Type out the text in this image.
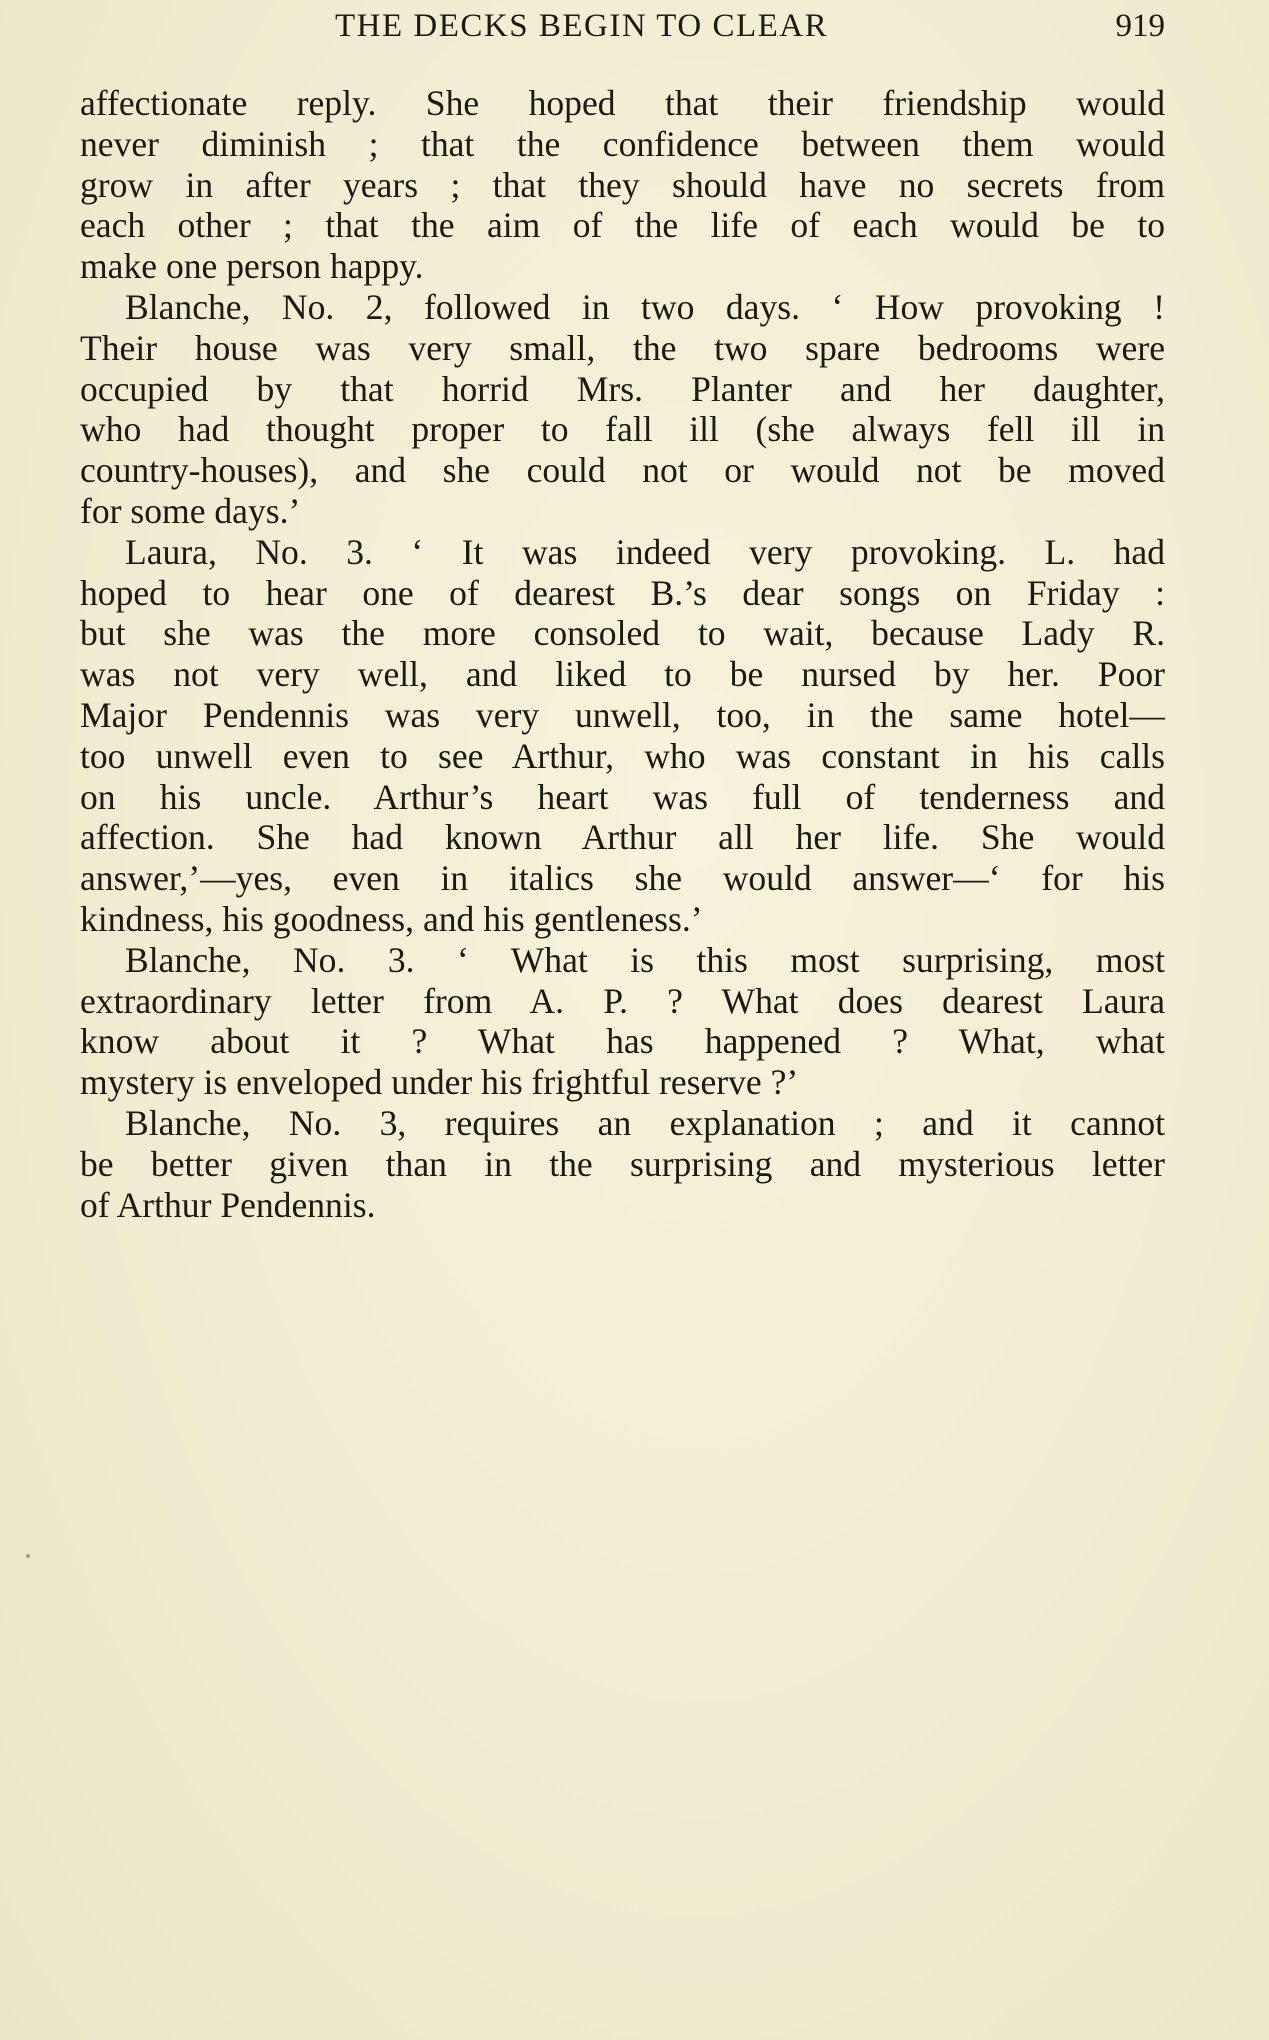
THE DECKS BEGIN TO CLEAR	919
affectionate reply. She hoped that their friendship would
never diminish ; that the confidence between them would
grow in after years ; that they should have no secrets from
each other ; that the aim of the life of each would be to
make one person happy.
Blanche, No. 2, followed in two days. ‘ How provoking !
Their house was very small, the two spare bedrooms were
occupied by that horrid Mrs. Planter and her daughter,
who had thought proper to fall ill (she always fell ill in
country-houses), and she could not or would not be moved
for some days.’
Laura, No. 3. ‘ It was indeed very provoking. L. had
hoped to hear one of dearest B.’s dear songs on Friday :
but she was the more consoled to wait, because Lady R.
was not very well, and liked to be nursed by her. Poor
Major Pendennis was very unwell, too, in the same hotel—
too unwell even to see Arthur, who was constant in his calls
on his uncle. Arthur’s heart was full of tenderness and
affection. She had known Arthur all her life. She would
answer,’—yes, even in italics she would answer—‘ for his
kindness, his goodness, and his gentleness.’
Blanche, No. 3. ‘ What is this most surprising, most
extraordinary letter from A. P. ? What does dearest Laura
know about it ? What has happened ? What, what
mystery is enveloped under his frightful reserve ?’
Blanche, No. 3, requires an explanation ; and it cannot
be better given than in the surprising and mysterious letter
of Arthur Pendennis.
